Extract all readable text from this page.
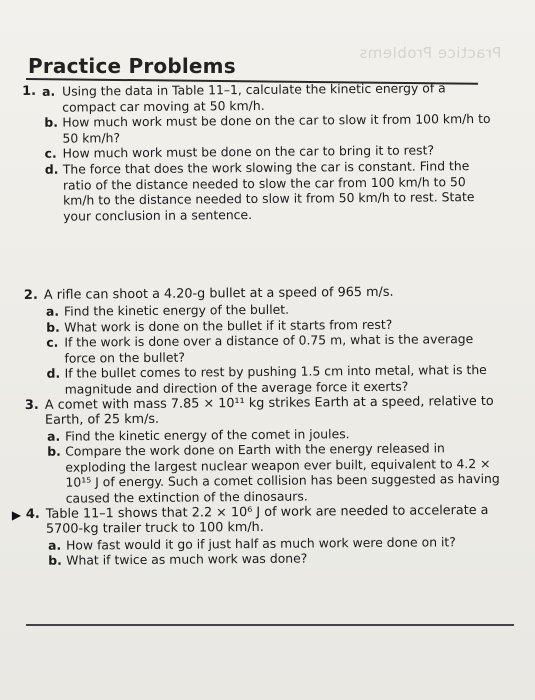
Practice Problems
Practice Problems
1. a. Using the data in Table 11–1, calculate the kinetic energy of a compact car moving at 50 km/h.
b. How much work must be done on the car to slow it from 100 km/h to 50 km/h?
c. How much work must be done on the car to bring it to rest?
d. The force that does the work slowing the car is constant. Find the ratio of the distance needed to slow the car from 100 km/h to 50 km/h to the distance needed to slow it from 50 km/h to rest. State your conclusion in a sentence.
2. A rifle can shoot a 4.20-g bullet at a speed of 965 m/s.
a. Find the kinetic energy of the bullet.
b. What work is done on the bullet if it starts from rest?
c. If the work is done over a distance of 0.75 m, what is the average force on the bullet?
d. If the bullet comes to rest by pushing 1.5 cm into metal, what is the magnitude and direction of the average force it exerts?
3. A comet with mass 7.85 × 10¹¹ kg strikes Earth at a speed, relative to Earth, of 25 km/s.
a. Find the kinetic energy of the comet in joules.
b. Compare the work done on Earth with the energy released in exploding the largest nuclear weapon ever built, equivalent to 4.2 × 10¹⁵ J of energy. Such a comet collision has been suggested as having caused the extinction of the dinosaurs.
▶ 4. Table 11–1 shows that 2.2 × 10⁶ J of work are needed to accelerate a 5700-kg trailer truck to 100 km/h.
a. How fast would it go if just half as much work were done on it?
b. What if twice as much work was done?
